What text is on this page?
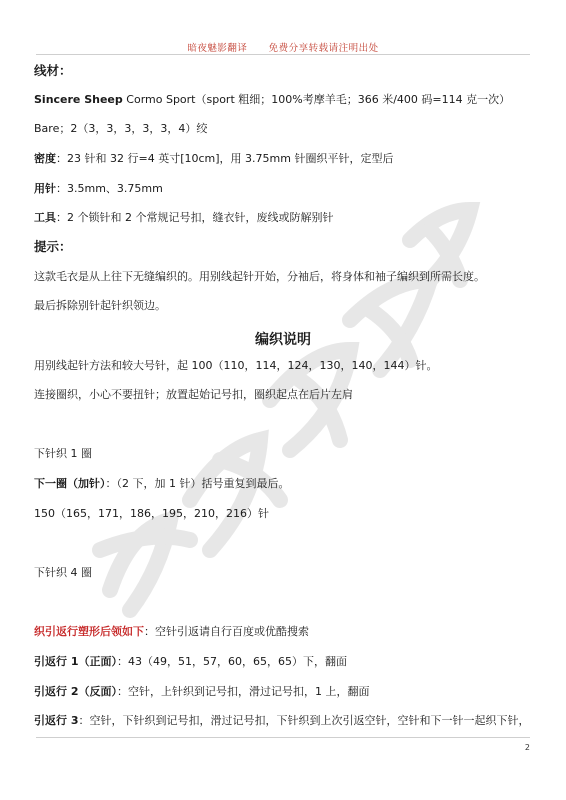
暗夜魅影翻译 免费分享转载请注明出处
线材：
Sincere Sheep Cormo Sport（sport 粗细；100%考摩羊毛；366 米/400 码=114 克一次）
Bare；2（3，3，3，3，3，4）绞
密度：23 针和 32 行=4 英寸[10cm]，用 3.75mm 针圈织平针，定型后
用针：3.5mm、3.75mm
工具：2 个锁针和 2 个常规记号扣，缝衣针，废线或防解别针
提示：
这款毛衣是从上往下无缝编织的。用别线起针开始，分袖后，将身体和袖子编织到所需长度。
最后拆除别针起针织领边。
编织说明
用别线起针方法和较大号针，起 100（110，114，124，130，140，144）针。
连接圈织，小心不要扭针；放置起始记号扣，圈织起点在后片左肩
下针织 1 圈
下一圈（加针）：（2 下，加 1 针）括号重复到最后。
150（165，171，186，195，210，216）针
下针织 4 圈
织引返行塑形后领如下：空针引返请自行百度或优酷搜索
引返行 1（正面）：43（49，51，57，60，65，65）下，翻面
引返行 2（反面）：空针，上针织到记号扣，滑过记号扣，1 上，翻面
引返行 3：空针，下针织到记号扣，滑过记号扣，下针织到上次引返空针，空针和下一针一起织下针，
2
